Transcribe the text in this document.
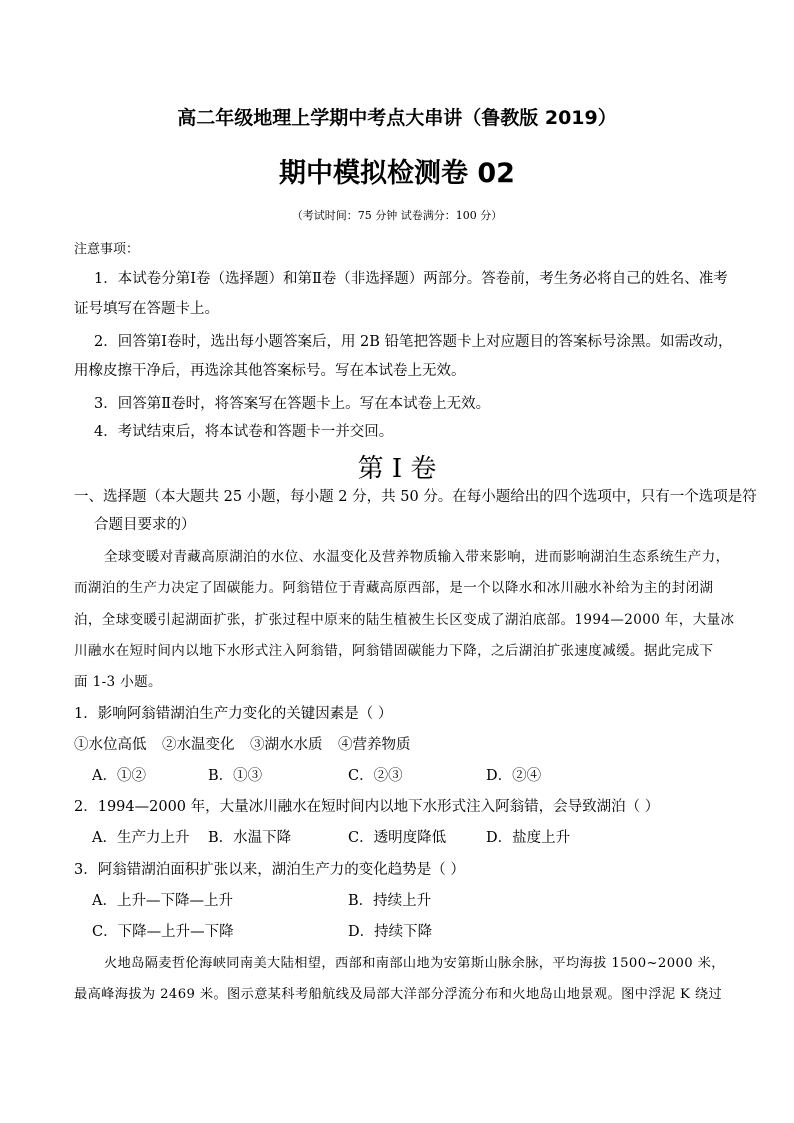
高二年级地理上学期中考点大串讲（鲁教版 2019）
期中模拟检测卷 02
（考试时间：75 分钟 试卷满分：100 分）
注意事项：
1．本试卷分第Ⅰ卷（选择题）和第Ⅱ卷（非选择题）两部分。答卷前，考生务必将自己的姓名、准考
证号填写在答题卡上。
2．回答第Ⅰ卷时，选出每小题答案后，用 2B 铅笔把答题卡上对应题目的答案标号涂黑。如需改动，
用橡皮擦干净后，再选涂其他答案标号。写在本试卷上无效。
3．回答第Ⅱ卷时，将答案写在答题卡上。写在本试卷上无效。
4．考试结束后，将本试卷和答题卡一并交回。
第 I 卷
一、选择题（本大题共 25 小题，每小题 2 分，共 50 分。在每小题给出的四个选项中，只有一个选项是符
合题目要求的）
全球变暖对青藏高原湖泊的水位、水温变化及营养物质输入带来影响，进而影响湖泊生态系统生产力，
而湖泊的生产力决定了固碳能力。阿翁错位于青藏高原西部，是一个以降水和冰川融水补给为主的封闭湖
泊，全球变暖引起湖面扩张，扩张过程中原来的陆生植被生长区变成了湖泊底部。1994—2000 年，大量冰
川融水在短时间内以地下水形式注入阿翁错，阿翁错固碳能力下降，之后湖泊扩张速度减缓。据此完成下
面 1-3 小题。
1．影响阿翁错湖泊生产力变化的关键因素是（ ）
①水位高低 ②水温变化 ③湖水水质 ④营养物质
A．①②	B．①③	C．②③	D．②④
2．1994—2000 年，大量冰川融水在短时间内以地下水形式注入阿翁错，会导致湖泊（ ）
A．生产力上升 B．水温下降	C．透明度降低	D．盐度上升
3．阿翁错湖泊面积扩张以来，湖泊生产力的变化趋势是（ ）
A．上升—下降—上升	B．持续上升
C．下降—上升—下降	D．持续下降
火地岛隔麦哲伦海峡同南美大陆相望，西部和南部山地为安第斯山脉余脉，平均海拔 1500~2000 米，
最高峰海拔为 2469 米。图示意某科考船航线及局部大洋部分浮流分布和火地岛山地景观。图中浮泥 K 绕过
